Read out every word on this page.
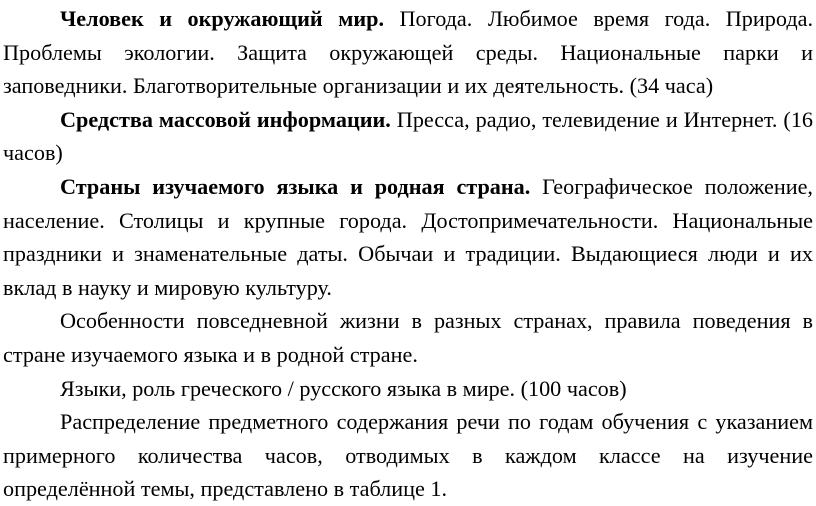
Человек и окружающий мир. Погода. Любимое время года. Природа. Проблемы экологии. Защита окружающей среды. Национальные парки и заповедники. Благотворительные организации и их деятельность. (34 часа)

Средства массовой информации. Пресса, радио, телевидение и Интернет. (16 часов)

Страны изучаемого языка и родная страна. Географическое положение, население. Столицы и крупные города. Достопримечательности. Национальные праздники и знаменательные даты. Обычаи и традиции. Выдающиеся люди и их вклад в науку и мировую культуру.

Особенности повседневной жизни в разных странах, правила поведения в стране изучаемого языка и в родной стране.

Языки, роль греческого / русского языка в мире. (100 часов)

Распределение предметного содержания речи по годам обучения с указанием примерного количества часов, отводимых в каждом классе на изучение определённой темы, представлено в таблице 1.
